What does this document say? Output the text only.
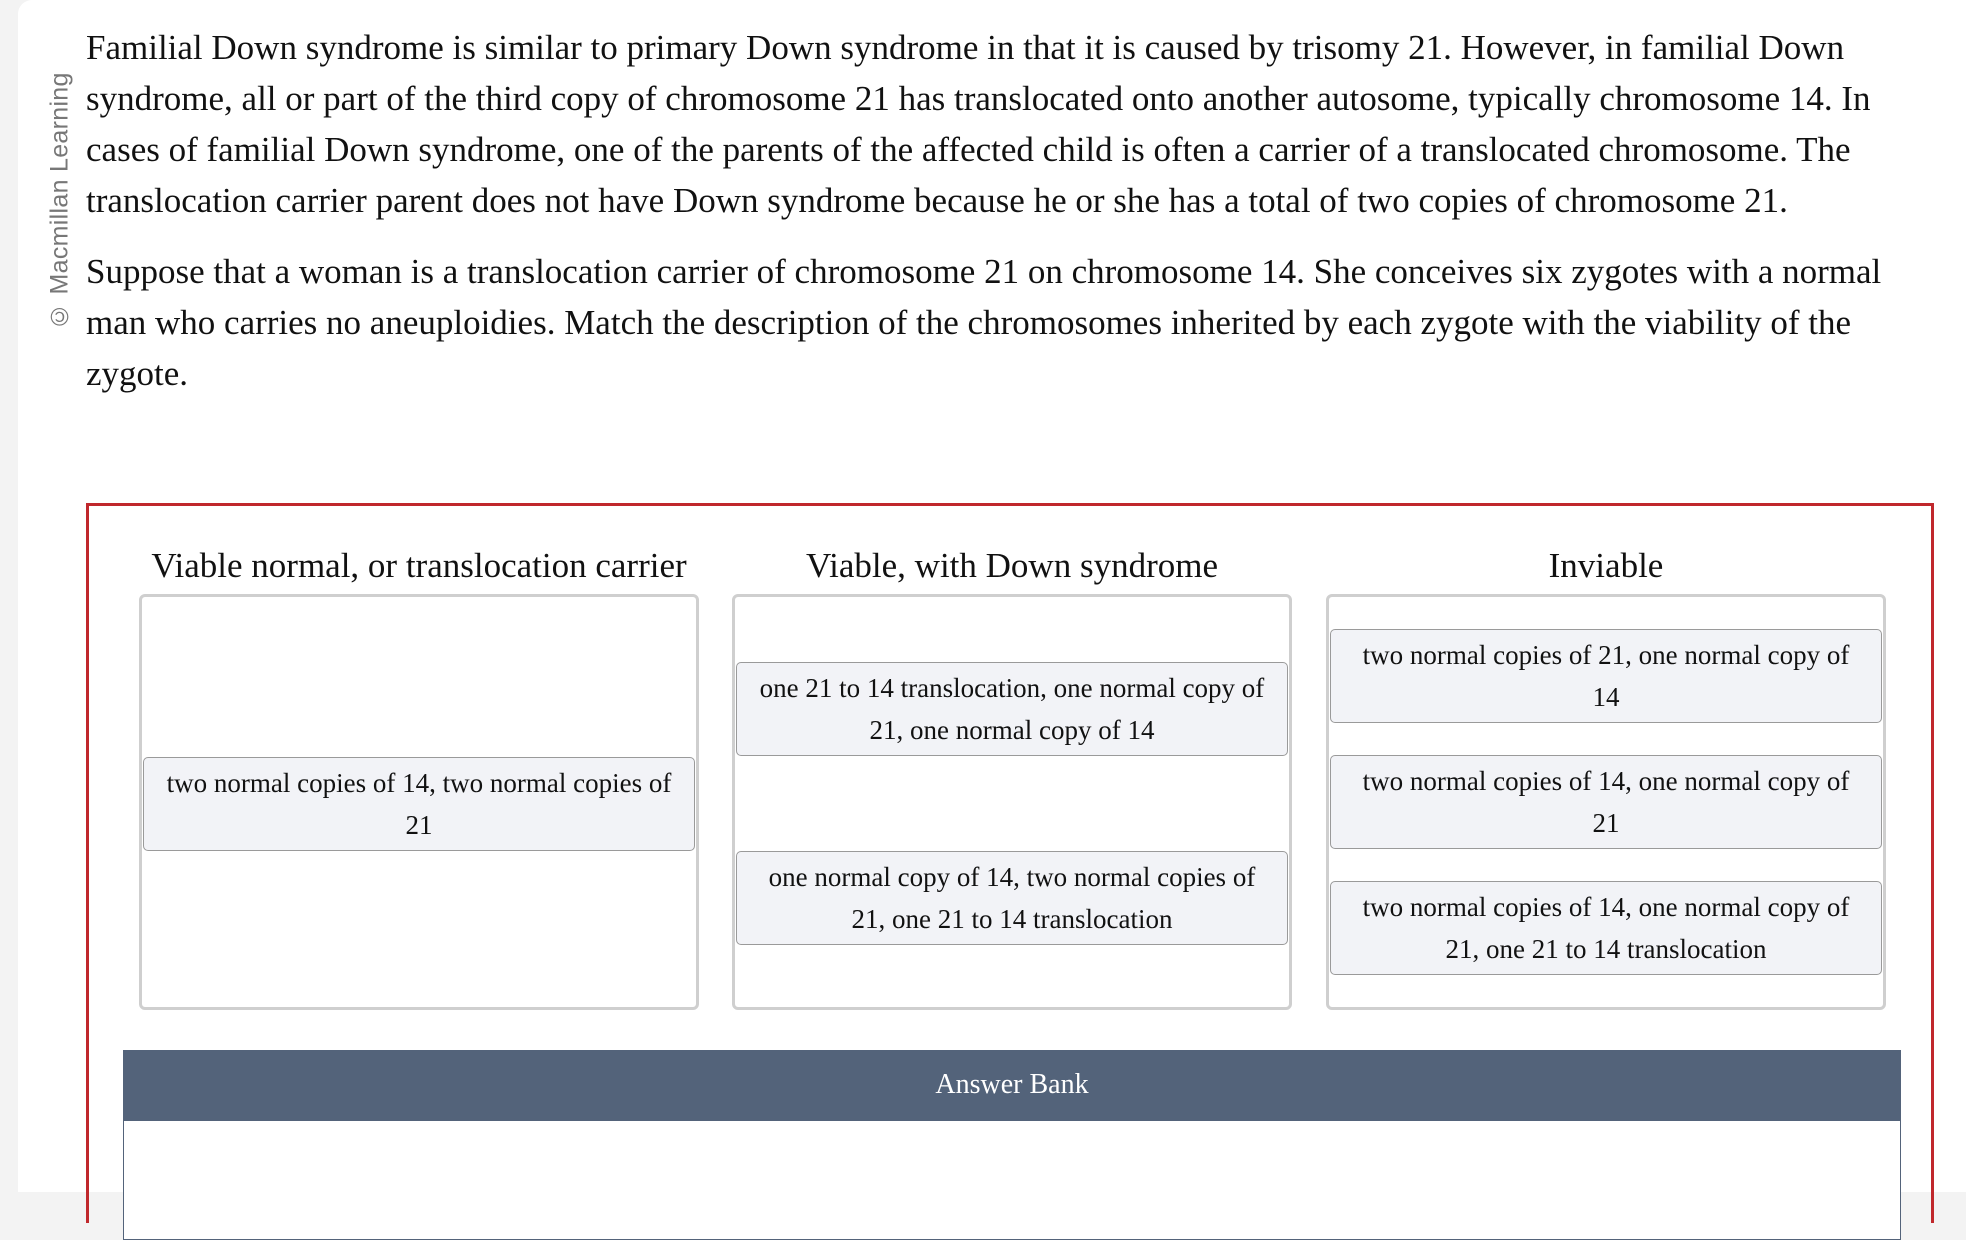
© Macmillan Learning

Familial Down syndrome is similar to primary Down syndrome in that it is caused by trisomy 21. However, in familial Down syndrome, all or part of the third copy of chromosome 21 has translocated onto another autosome, typically chromosome 14. In cases of familial Down syndrome, one of the parents of the affected child is often a carrier of a translocated chromosome. The translocation carrier parent does not have Down syndrome because he or she has a total of two copies of chromosome 21.

Suppose that a woman is a translocation carrier of chromosome 21 on chromosome 14. She conceives six zygotes with a normal man who carries no aneuploidies. Match the description of the chromosomes inherited by each zygote with the viability of the zygote.

Viable normal, or translocation carrier
two normal copies of 14, two normal copies of 21
Viable, with Down syndrome
one 21 to 14 translocation, one normal copy of 21, one normal copy of 14
one normal copy of 14, two normal copies of 21, one 21 to 14 translocation
Inviable
two normal copies of 21, one normal copy of 14
two normal copies of 14, one normal copy of 21
two normal copies of 14, one normal copy of 21, one 21 to 14 translocation
Answer Bank
